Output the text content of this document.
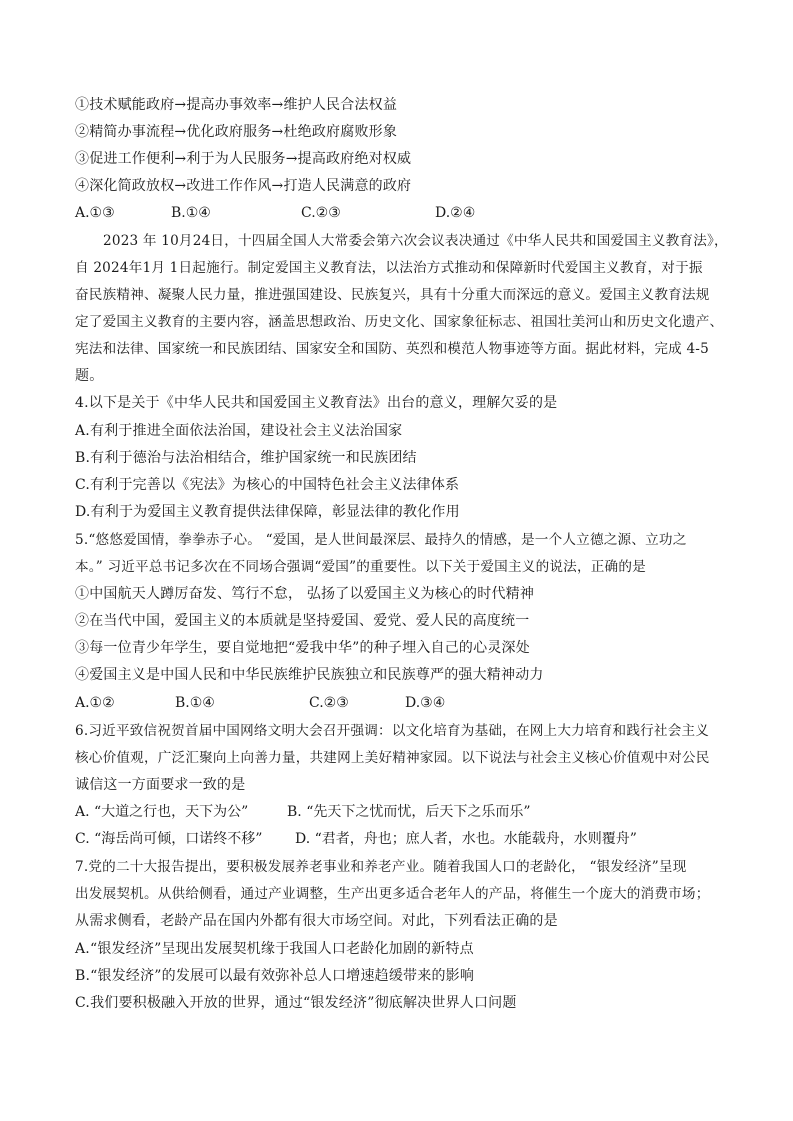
①技术赋能政府→提高办事效率→维护人民合法权益
②精简办事流程→优化政府服务→杜绝政府腐败形象
③促进工作便利→利于为人民服务→提高政府绝对权威
④深化简政放权→改进工作作风→打造人民满意的政府
A.①③	B.①④	C.②③	D.②④
2023 年 10月24日，十四届全国人大常委会第六次会议表决通过《中华人民共和国爱国主义教育法》，
自 2024年1月 1日起施行。制定爱国主义教育法，以法治方式推动和保障新时代爱国主义教育，对于振
奋民族精神、凝聚人民力量，推进强国建设、民族复兴，具有十分重大而深远的意义。爱国主义教育法规
定了爱国主义教育的主要内容，涵盖思想政治、历史文化、国家象征标志、祖国壮美河山和历史文化遗产、
宪法和法律、国家统一和民族团结、国家安全和国防、英烈和模范人物事迹等方面。据此材料，完成 4-5
题。
4.以下是关于《中华人民共和国爱国主义教育法》出台的意义，理解欠妥的是
A.有利于推进全面依法治国，建设社会主义法治国家
B.有利于德治与法治相结合，维护国家统一和民族团结
C.有利于完善以《宪法》为核心的中国特色社会主义法律体系
D.有利于为爱国主义教育提供法律保障，彰显法律的教化作用
5.“悠悠爱国情，拳拳赤子心。 “爱国，是人世间最深层、最持久的情感，是一个人立德之源、立功之
本。” 习近平总书记多次在不同场合强调“爱国”的重要性。以下关于爱国主义的说法，正确的是
①中国航天人蹲厉奋发、笃行不怠， 弘扬了以爱国主义为核心的时代精神
②在当代中国，爱国主义的本质就是坚持爱国、爱党、爱人民的高度统一
③每一位青少年学生，要自觉地把“爱我中华”的种子埋入自己的心灵深处
④爱国主义是中国人民和中华民族维护民族独立和民族尊严的强大精神动力
A.①②	B.①④	C.②③	D.③④
6.习近平致信祝贺首届中国网络文明大会召开强调：以文化培育为基础，在网上大力培育和践行社会主义
核心价值观，广泛汇聚向上向善力量，共建网上美好精神家园。以下说法与社会主义核心价值观中对公民
诚信这一方面要求一致的是
A. “大道之行也，天下为公”	B. “先天下之忧而忧，后天下之乐而乐”
C. “海岳尚可倾，口诺终不移” D. “君者，舟也；庶人者，水也。水能载舟，水则覆舟”
7.党的二十大报告提出，要积极发展养老事业和养老产业。随着我国人口的老龄化， “银发经济”呈现
出发展契机。从供给侧看，通过产业调整，生产出更多适合老年人的产品，将催生一个庞大的消费市场；
从需求侧看，老龄产品在国内外都有很大市场空间。对此，下列看法正确的是
A.“银发经济”呈现出发展契机缘于我国人口老龄化加剧的新特点
B.“银发经济”的发展可以最有效弥补总人口增速趋缓带来的影响
C.我们要积极融入开放的世界，通过“银发经济”彻底解决世界人口问题
